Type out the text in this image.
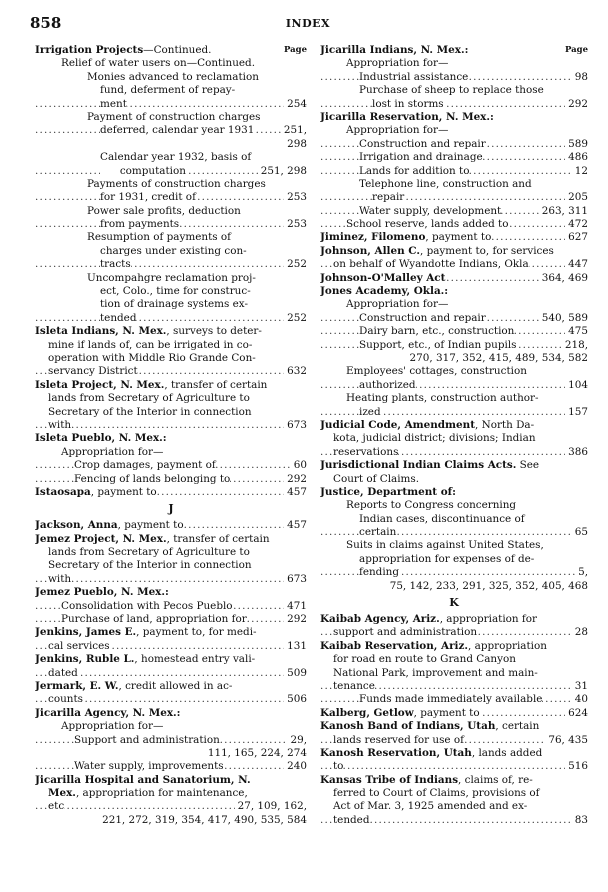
858	INDEX
Page
Irrigation Projects—Continued.
Relief of water users on—Continued.
Monies advanced to reclamation
fund, deferment of repay-
ment	254
.....
Payment of construction charges
deferred, calendar year 1931	251,
.....
298
Calendar year 1932, basis of
computation	251, 298
.....
Payments of construction charges
for 1931, credit of	253
.....
Power sale profits, deduction
from payments	253
.....
Resumption of payments of
charges under existing con-
tracts	252
.....
Uncompahgre reclamation proj-
ect, Colo., time for construc-
tion of drainage systems ex-
tended	252
.....
Isleta Indians, N. Mex., surveys to deter-
mine if lands of, can be irrigated in co-
operation with Middle Rio Grande Con-
servancy District	632
.....
Isleta Project, N. Mex., transfer of certain
lands from Secretary of Agriculture to
Secretary of the Interior in connection
with	673
.....
Isleta Pueblo, N. Mex.:
Appropriation for—
Crop damages, payment of	60
.....
Fencing of lands belonging to	292
.....
Istaosapa, payment to	457
.....
J
Jackson, Anna, payment to	457
.....
Jemez Project, N. Mex., transfer of certain
lands from Secretary of Agriculture to
Secretary of the Interior in connection
with	673
.....
Jemez Pueblo, N. Mex.:
Consolidation with Pecos Pueblo	471
.....
Purchase of land, appropriation for	292
.....
Jenkins, James E., payment to, for medi-
cal services	131
.....
Jenkins, Ruble L., homestead entry vali-
dated	509
.....
Jermark, E. W., credit allowed in ac-
counts	506
.....
Jicarilla Agency, N. Mex.:
Appropriation for—
Support and administration	29,
.....
111, 165, 224, 274
Water supply, improvements	240
.....
Jicarilla Hospital and Sanatorium, N.
Mex., appropriation for maintenance,
etc	27, 109, 162,
.....
221, 272, 319, 354, 417, 490, 535, 584
Page
Jicarilla Indians, N. Mex.:
Appropriation for—
Industrial assistance	98
.....
Purchase of sheep to replace those
lost in storms	292
.....
Jicarilla Reservation, N. Mex.:
Appropriation for—
Construction and repair	589
.....
Irrigation and drainage	486
.....
Lands for addition to	12
.....
Telephone line, construction and
repair	205
.....
Water supply, development	263, 311
.....
School reserve, lands added to	472
.....
Jiminez, Filomeno, payment to	627
.....
Johnson, Allen C., payment to, for services
on behalf of Wyandotte Indians, Okla	447
.....
Johnson-O'Malley Act	364, 469
.....
Jones Academy, Okla.:
Appropriation for—
Construction and repair	540, 589
.....
Dairy barn, etc., construction	475
.....
Support, etc., of Indian pupils	218,
.....
270, 317, 352, 415, 489, 534, 582
Employees' cottages, construction
authorized	104
.....
Heating plants, construction author-
ized	157
.....
Judicial Code, Amendment, North Da-
kota, judicial district; divisions; Indian
reservations	386
.....
Jurisdictional Indian Claims Acts. See
Court of Claims.
Justice, Department of:
Reports to Congress concerning
Indian cases, discontinuance of
certain	65
.....
Suits in claims against United States,
appropriation for expenses of de-
fending	5,
.....
75, 142, 233, 291, 325, 352, 405, 468
K
Kaibab Agency, Ariz., appropriation for
support and administration	28
.....
Kaibab Reservation, Ariz., appropriation
for road en route to Grand Canyon
National Park, improvement and main-
tenance	31
.....
Funds made immediately available	40
.....
Kalberg, Getlow, payment to	624
.....
Kanosh Band of Indians, Utah, certain
lands reserved for use of	76, 435
.....
Kanosh Reservation, Utah, lands added
to	516
.....
Kansas Tribe of Indians, claims of, re-
ferred to Court of Claims, provisions of
Act of Mar. 3, 1925 amended and ex-
tended	83
.....
